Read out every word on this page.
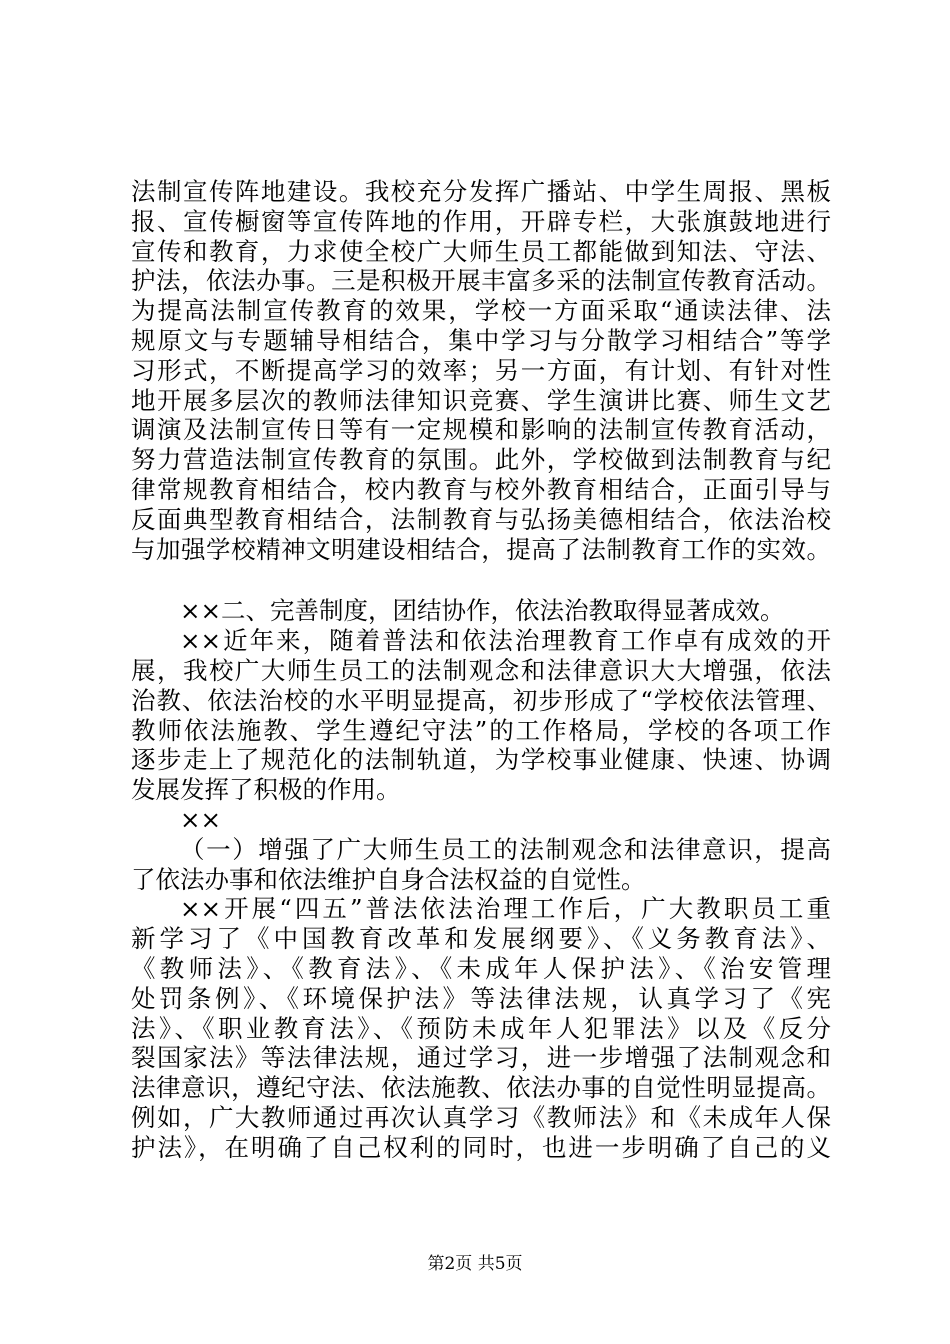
法制宣传阵地建设。我校充分发挥广播站、中学生周报、黑板
报、宣传橱窗等宣传阵地的作用，开辟专栏，大张旗鼓地进行
宣传和教育，力求使全校广大师生员工都能做到知法、守法、
护法，依法办事。三是积极开展丰富多采的法制宣传教育活动。
为提高法制宣传教育的效果，学校一方面采取“通读法律、法
规原文与专题辅导相结合，集中学习与分散学习相结合”等学
习形式，不断提高学习的效率；另一方面，有计划、有针对性
地开展多层次的教师法律知识竞赛、学生演讲比赛、师生文艺
调演及法制宣传日等有一定规模和影响的法制宣传教育活动，
努力营造法制宣传教育的氛围。此外，学校做到法制教育与纪
律常规教育相结合，校内教育与校外教育相结合，正面引导与
反面典型教育相结合，法制教育与弘扬美德相结合，依法治校
与加强学校精神文明建设相结合，提高了法制教育工作的实效。
××二、完善制度，团结协作，依法治教取得显著成效。
××近年来，随着普法和依法治理教育工作卓有成效的开
展，我校广大师生员工的法制观念和法律意识大大增强，依法
治教、依法治校的水平明显提高，初步形成了“学校依法管理、
教师依法施教、学生遵纪守法”的工作格局，学校的各项工作
逐步走上了规范化的法制轨道，为学校事业健康、快速、协调
发展发挥了积极的作用。
××
（一）增强了广大师生员工的法制观念和法律意识，提高
了依法办事和依法维护自身合法权益的自觉性。
××开展“四五”普法依法治理工作后，广大教职员工重
新学习了《中国教育改革和发展纲要》、《义务教育法》、
《教师法》、《教育法》、《未成年人保护法》、《治安管理
处罚条例》、《环境保护法》等法律法规，认真学习了《宪
法》、《职业教育法》、《预防未成年人犯罪法》以及《反分
裂国家法》等法律法规，通过学习，进一步增强了法制观念和
法律意识，遵纪守法、依法施教、依法办事的自觉性明显提高。
例如，广大教师通过再次认真学习《教师法》和《未成年人保
护法》，在明确了自己权利的同时，也进一步明确了自己的义
第2页 共5页
